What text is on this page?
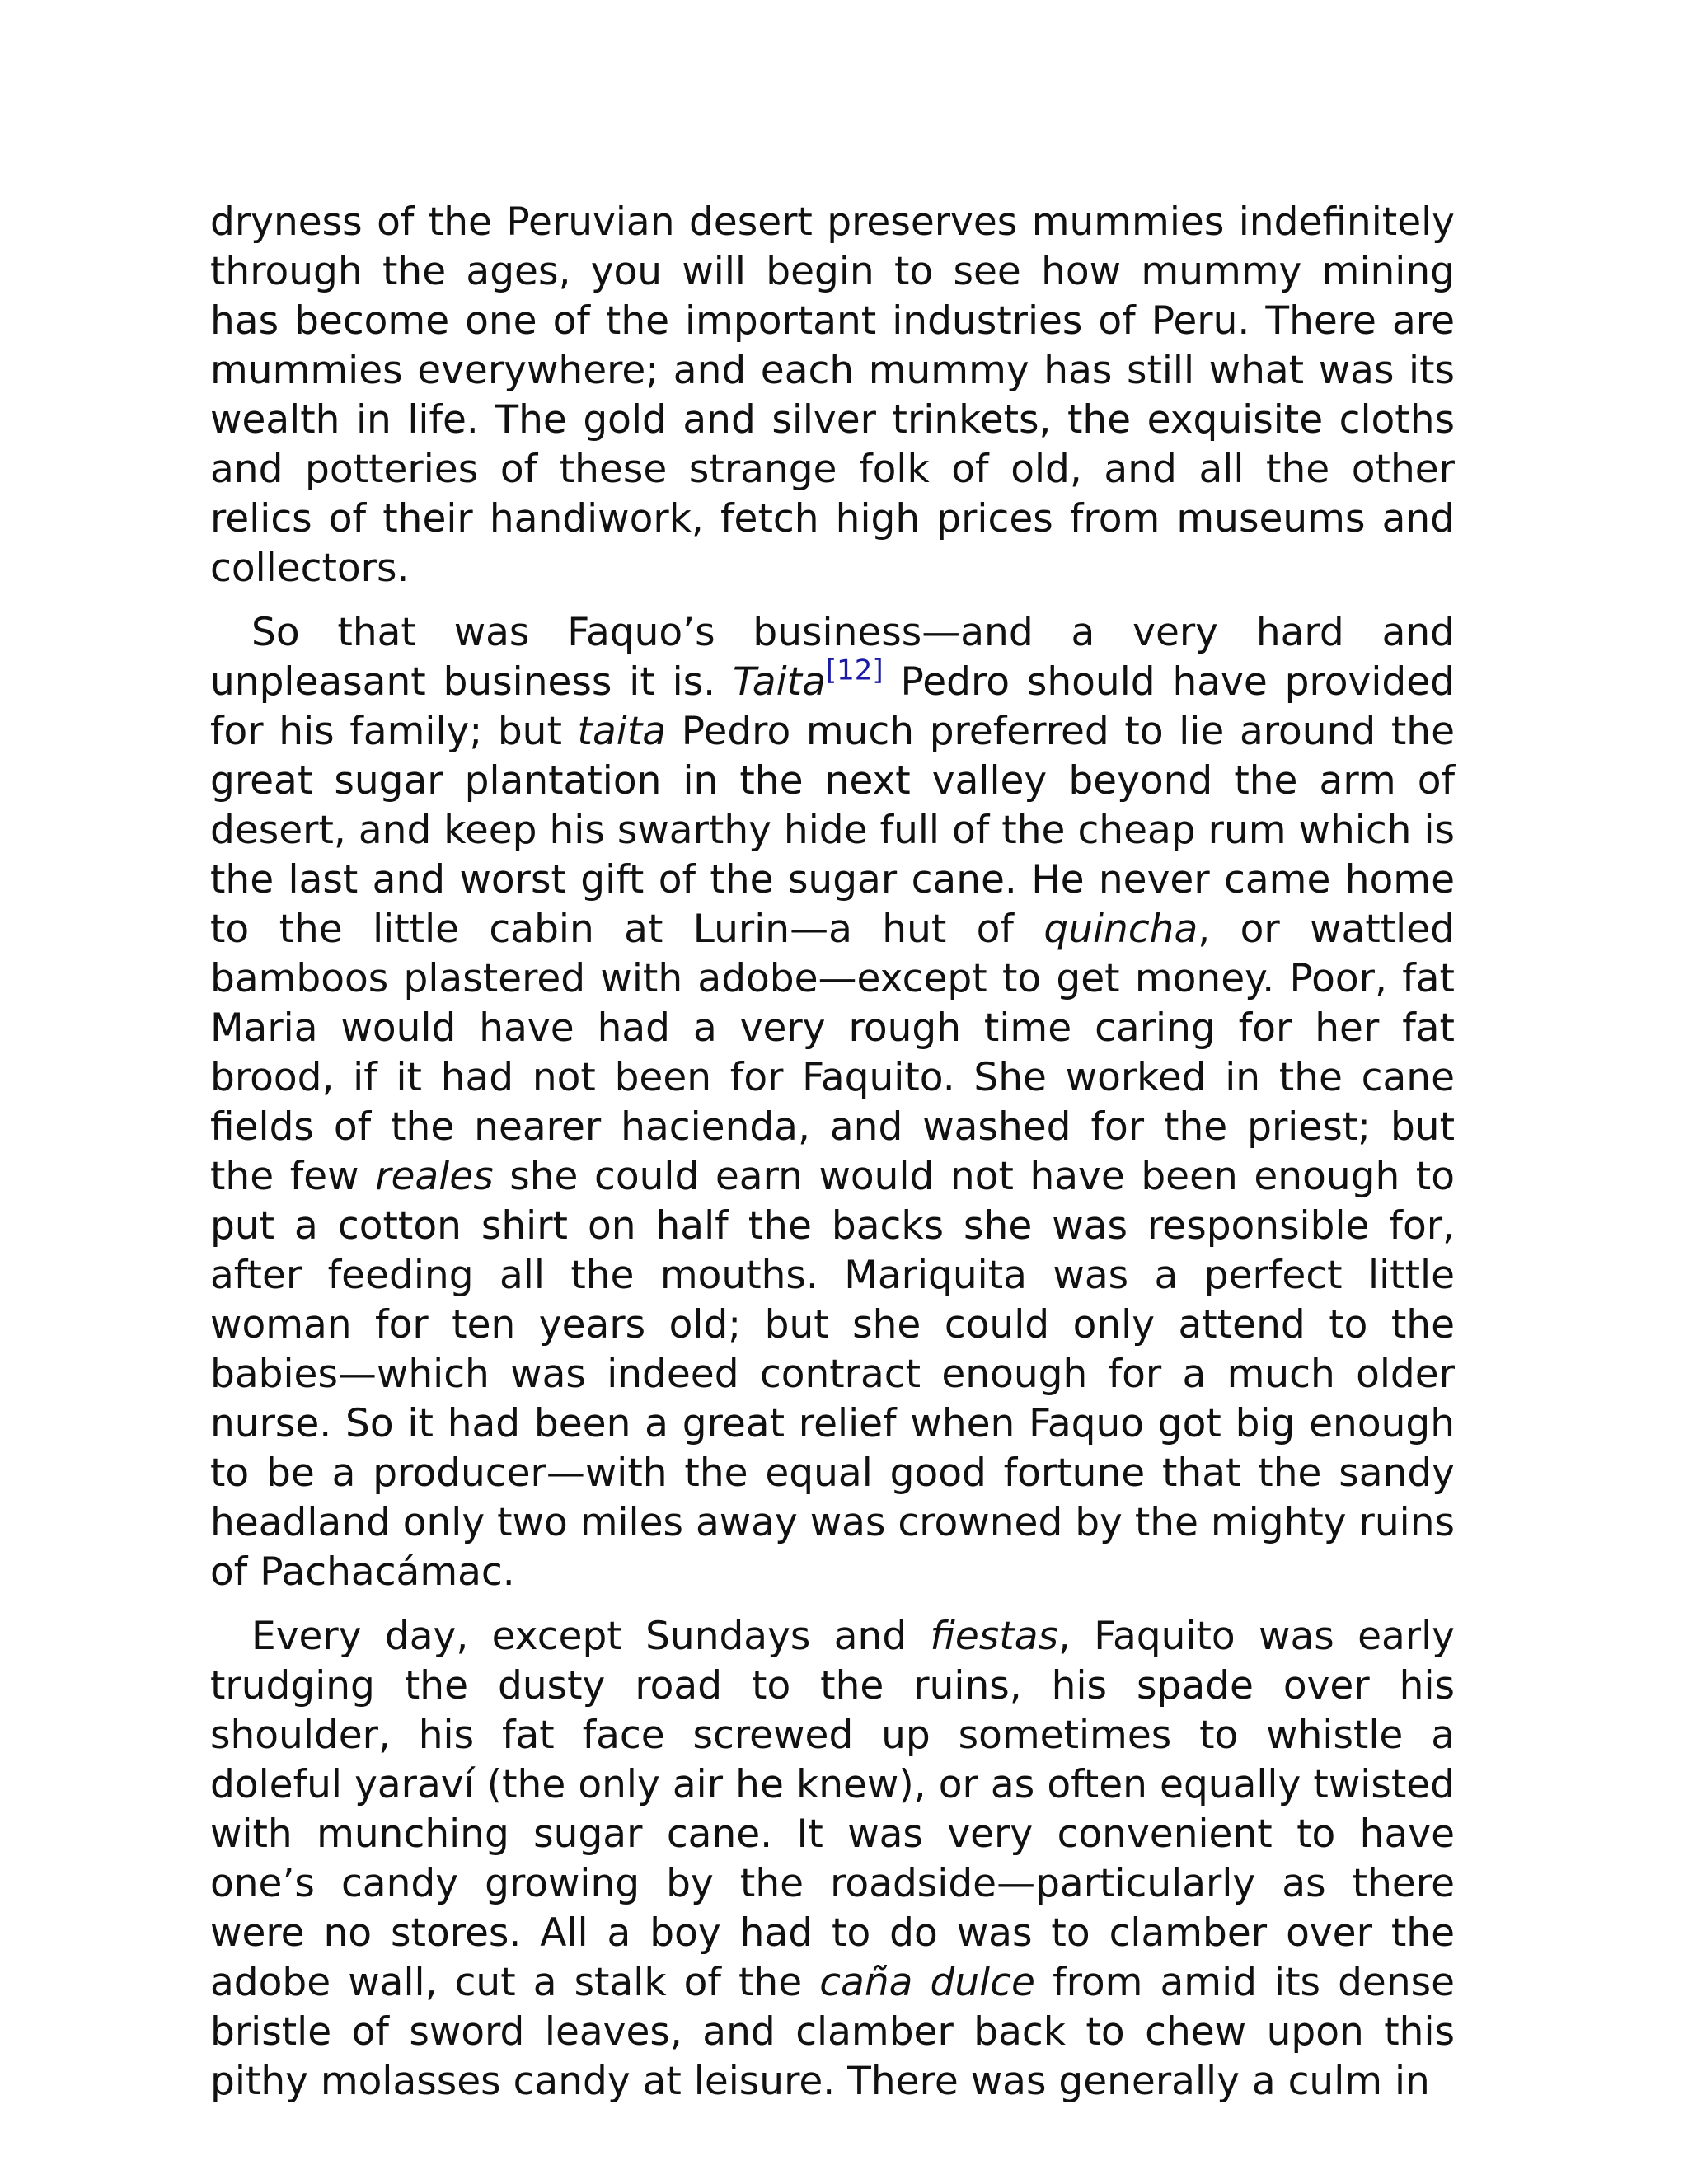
dryness of the Peruvian desert preserves mummies indefinitely through the ages, you will begin to see how mummy mining has become one of the important industries of Peru. There are mummies everywhere; and each mummy has still what was its wealth in life. The gold and silver trinkets, the exquisite cloths and potteries of these strange folk of old, and all the other relics of their handiwork, fetch high prices from museums and collectors.

So that was Faquo’s business—and a very hard and unpleasant business it is. Taita[12] Pedro should have provided for his family; but taita Pedro much preferred to lie around the great sugar plantation in the next valley beyond the arm of desert, and keep his swarthy hide full of the cheap rum which is the last and worst gift of the sugar cane. He never came home to the little cabin at Lurin—a hut of quincha, or wattled bamboos plastered with adobe—except to get money. Poor, fat Maria would have had a very rough time caring for her fat brood, if it had not been for Faquito. She worked in the cane fields of the nearer hacienda, and washed for the priest; but the few reales she could earn would not have been enough to put a cotton shirt on half the backs she was responsible for, after feeding all the mouths. Mariquita was a perfect little woman for ten years old; but she could only attend to the babies—which was indeed contract enough for a much older nurse. So it had been a great relief when Faquo got big enough to be a producer—with the equal good fortune that the sandy headland only two miles away was crowned by the mighty ruins of Pachacámac.

Every day, except Sundays and fiestas, Faquito was early trudging the dusty road to the ruins, his spade over his shoulder, his fat face screwed up sometimes to whistle a doleful yaraví (the only air he knew), or as often equally twisted with munching sugar cane. It was very convenient to have one’s candy growing by the roadside—particularly as there were no stores. All a boy had to do was to clamber over the adobe wall, cut a stalk of the caña dulce from amid its dense bristle of sword leaves, and clamber back to chew upon this pithy molasses candy at leisure. There was generally a culm in
